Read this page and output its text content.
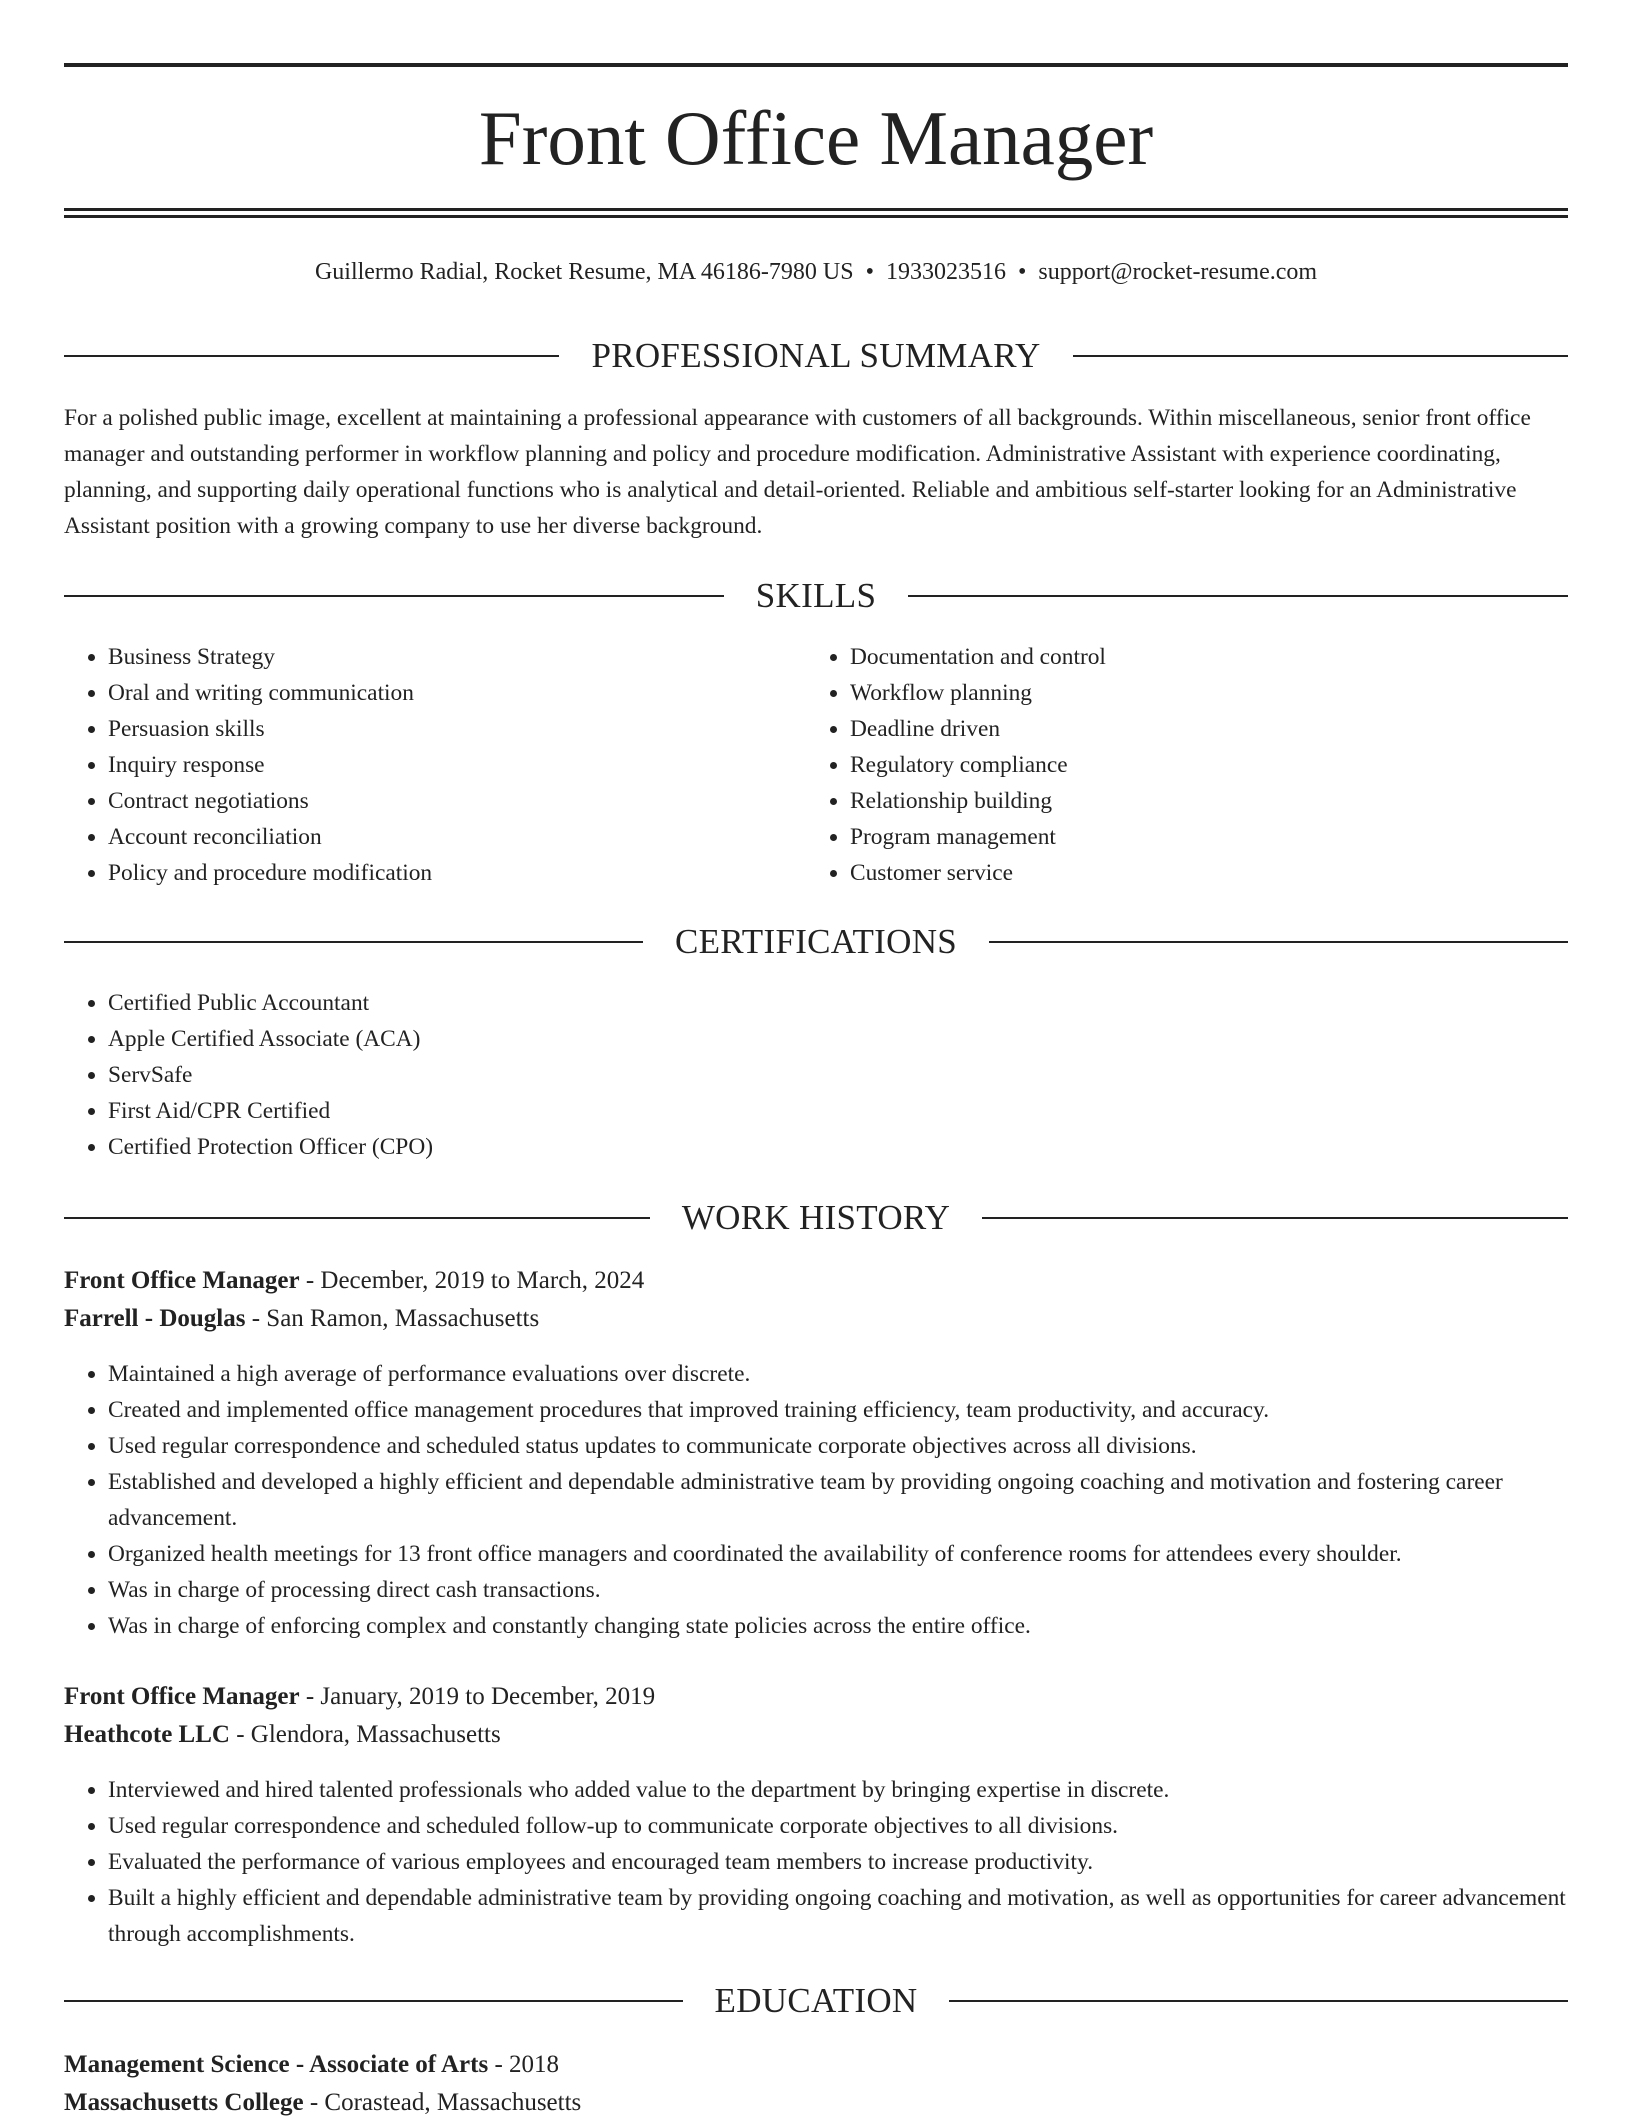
Front Office Manager
Guillermo Radial, Rocket Resume, MA 46186-7980 US • 1933023516 • support@rocket-resume.com
PROFESSIONAL SUMMARY

For a polished public image, excellent at maintaining a professional appearance with customers of all backgrounds. Within miscellaneous, senior front office manager and outstanding performer in workflow planning and policy and procedure modification. Administrative Assistant with experience coordinating, planning, and supporting daily operational functions who is analytical and detail-oriented. Reliable and ambitious self-starter looking for an Administrative Assistant position with a growing company to use her diverse background.

SKILLS
• Business Strategy
• Oral and writing communication
• Persuasion skills
• Inquiry response
• Contract negotiations
• Account reconciliation
• Policy and procedure modification
• Documentation and control
• Workflow planning
• Deadline driven
• Regulatory compliance
• Relationship building
• Program management
• Customer service
CERTIFICATIONS
• Certified Public Accountant
• Apple Certified Associate (ACA)
• ServSafe
• First Aid/CPR Certified
• Certified Protection Officer (CPO)
WORK HISTORY
Front Office Manager - December, 2019 to March, 2024
Farrell - Douglas - San Ramon, Massachusetts
• Maintained a high average of performance evaluations over discrete.
• Created and implemented office management procedures that improved training efficiency, team productivity, and accuracy.
• Used regular correspondence and scheduled status updates to communicate corporate objectives across all divisions.
• Established and developed a highly efficient and dependable administrative team by providing ongoing coaching and motivation and fostering career advancement.
• Organized health meetings for 13 front office managers and coordinated the availability of conference rooms for attendees every shoulder.
• Was in charge of processing direct cash transactions.
• Was in charge of enforcing complex and constantly changing state policies across the entire office.
Front Office Manager - January, 2019 to December, 2019
Heathcote LLC - Glendora, Massachusetts
• Interviewed and hired talented professionals who added value to the department by bringing expertise in discrete.
• Used regular correspondence and scheduled follow-up to communicate corporate objectives to all divisions.
• Evaluated the performance of various employees and encouraged team members to increase productivity.
• Built a highly efficient and dependable administrative team by providing ongoing coaching and motivation, as well as opportunities for career advancement through accomplishments.
EDUCATION
Management Science - Associate of Arts - 2018
Massachusetts College - Corastead, Massachusetts
